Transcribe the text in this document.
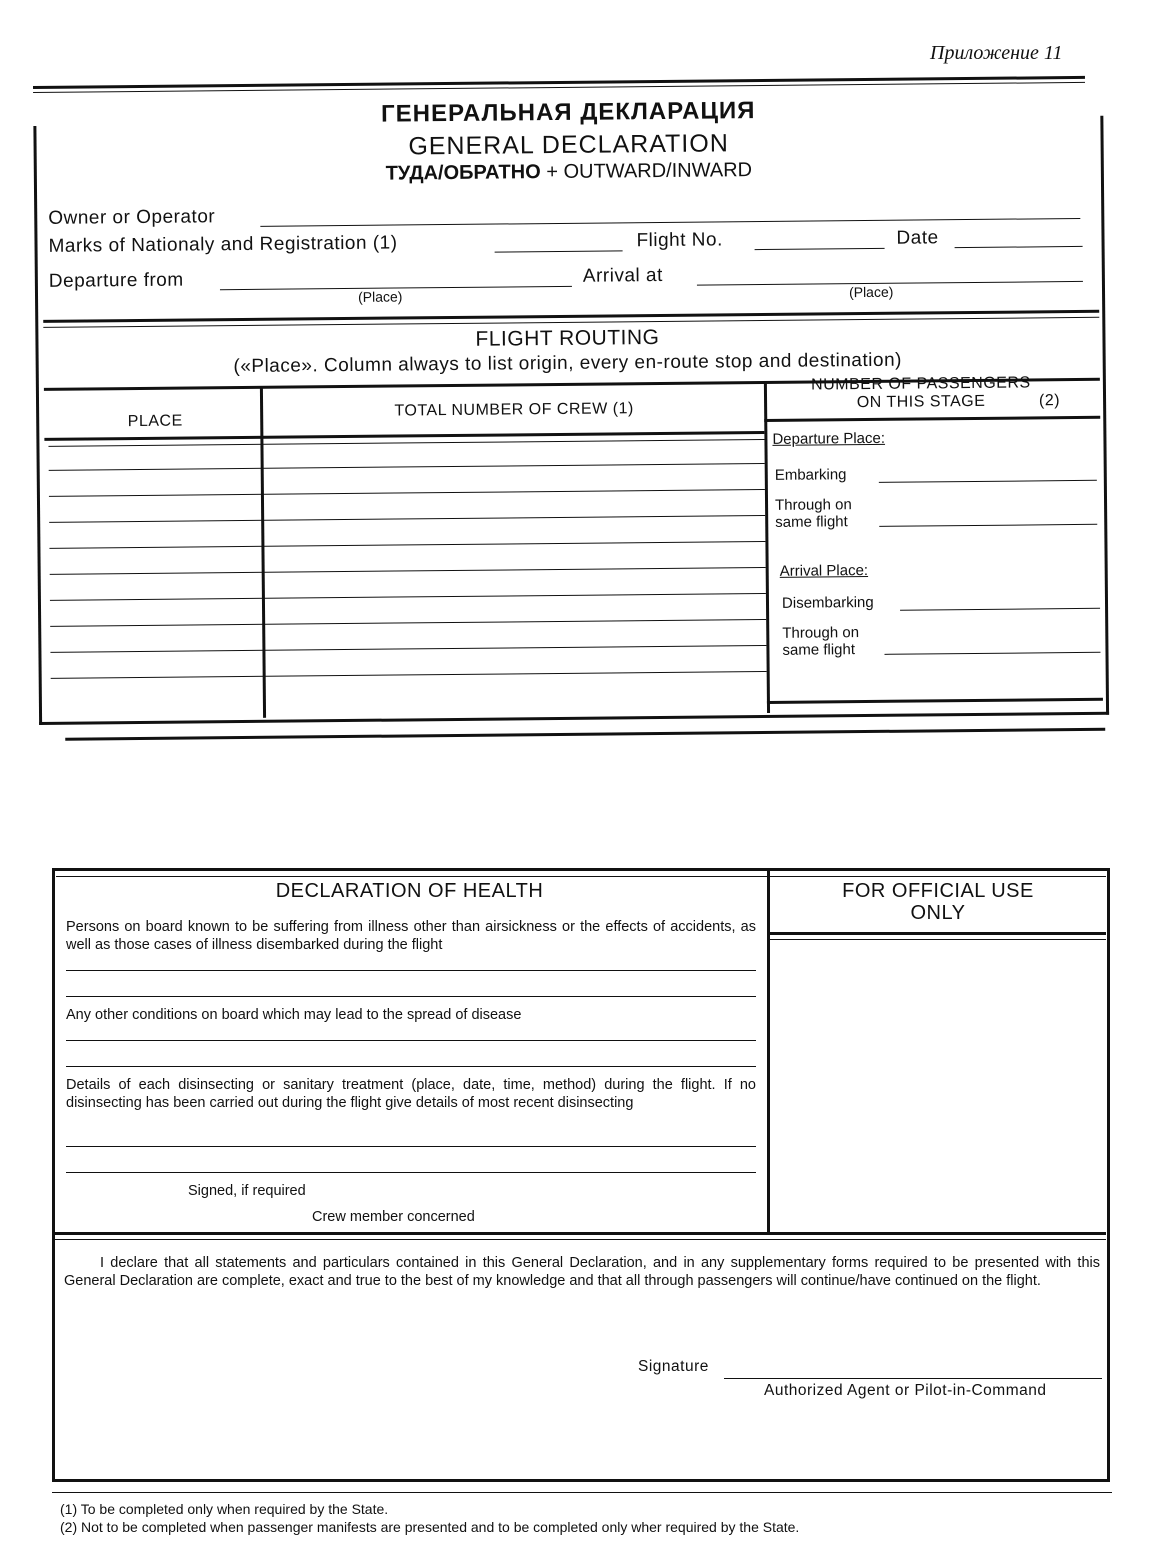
Приложение 11
ГЕНЕРАЛЬНАЯ ДЕКЛАРАЦИЯ
GENERAL DECLARATION
ТУДА/ОБРАТНО + OUTWARD/INWARD
Owner or Operator
Marks of Nationaly and Registration (1)	Flight No.	Date
Departure from
(Place)
Arrival at
(Place)
FLIGHT ROUTING
(«Place». Column always to list origin, every en-route stop and destination)
PLACE
TOTAL NUMBER OF CREW (1)
NUMBER OF PASSENGERS
ON THIS STAGE	(2)
Departure Place:
Embarking
Through on
same flight
Arrival Place:
Disembarking
Through on
same flight
DECLARATION OF HEALTH
Persons on board known to be suffering from illness other than airsickness or the effects of accidents, as well as those cases of illness disembarked during the flight
Any other conditions on board which may lead to the spread of disease
Details of each disinsecting or sanitary treatment (place, date, time, method) during the flight. If no disinsecting has been carried out during the flight give details of most recent disinsecting
Signed, if required
Crew member concerned
FOR OFFICIAL USE
ONLY
I declare that all statements and particulars contained in this General Declaration, and in any supplementary forms required to be presented with this General Declaration are complete, exact and true to the best of my knowledge and that all through passengers will continue/have continued on the flight.
Signature
Authorized Agent or Pilot-in-Command
(1) To be completed only when required by the State.
(2) Not to be completed when passenger manifests are presented and to be completed only wher required by the State.
